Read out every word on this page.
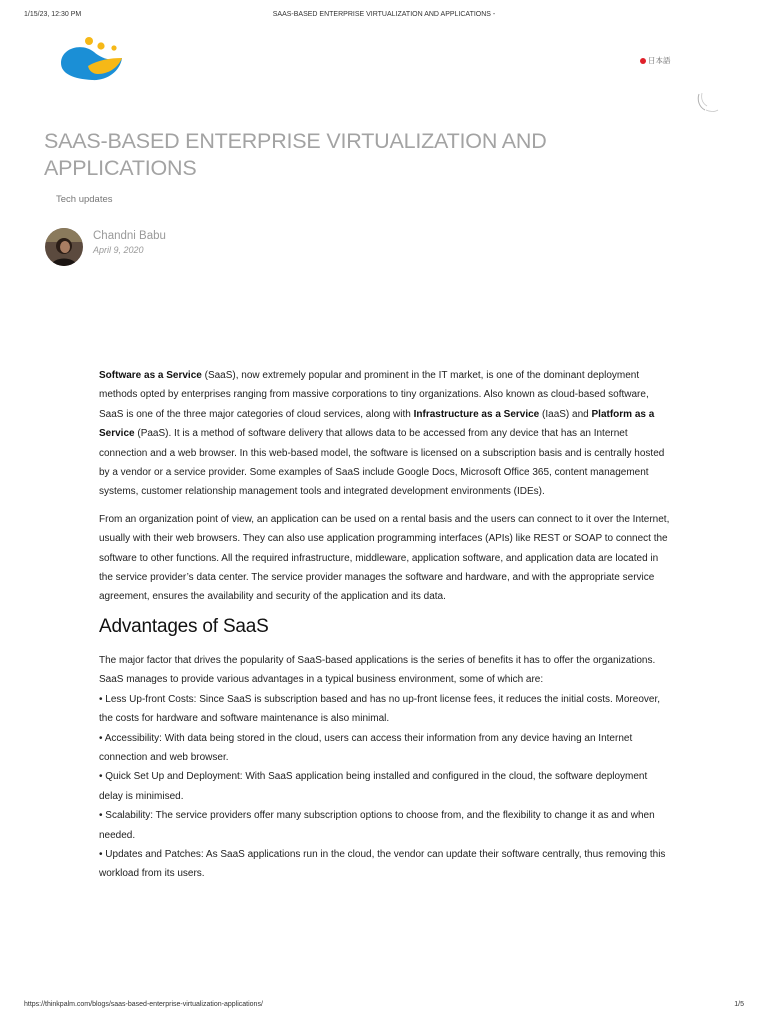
1/15/23, 12:30 PM	SAAS-BASED ENTERPRISE VIRTUALIZATION AND APPLICATIONS -
日本語
SAAS-BASED ENTERPRISE VIRTUALIZATION AND APPLICATIONS
Tech updates
Chandni Babu
April 9, 2020

Software as a Service (SaaS), now extremely popular and prominent in the IT market, is one of the dominant deployment methods opted by enterprises ranging from massive corporations to tiny organizations. Also known as cloud-based software, SaaS is one of the three major categories of cloud services, along with Infrastructure as a Service (IaaS) and Platform as a Service (PaaS). It is a method of software delivery that allows data to be accessed from any device that has an Internet connection and a web browser. In this web-based model, the software is licensed on a subscription basis and is centrally hosted by a vendor or a service provider. Some examples of SaaS include Google Docs, Microsoft Office 365, content management systems, customer relationship management tools and integrated development environments (IDEs).

From an organization point of view, an application can be used on a rental basis and the users can connect to it over the Internet, usually with their web browsers. They can also use application programming interfaces (APIs) like REST or SOAP to connect the software to other functions. All the required infrastructure, middleware, application software, and application data are located in the service provider’s data center. The service provider manages the software and hardware, and with the appropriate service agreement, ensures the availability and security of the application and its data.

Advantages of SaaS

The major factor that drives the popularity of SaaS-based applications is the series of benefits it has to offer the organizations. SaaS manages to provide various advantages in a typical business environment, some of which are:

• Less Up-front Costs: Since SaaS is subscription based and has no up-front license fees, it reduces the initial costs. Moreover, the costs for hardware and software maintenance is also minimal.
• Accessibility: With data being stored in the cloud, users can access their information from any device having an Internet connection and web browser.
• Quick Set Up and Deployment: With SaaS application being installed and configured in the cloud, the software deployment delay is minimised.
• Scalability: The service providers offer many subscription options to choose from, and the flexibility to change it as and when needed.
• Updates and Patches: As SaaS applications run in the cloud, the vendor can update their software centrally, thus removing this workload from its users.
https://thinkpalm.com/blogs/saas-based-enterprise-virtualization-applications/	1/5
